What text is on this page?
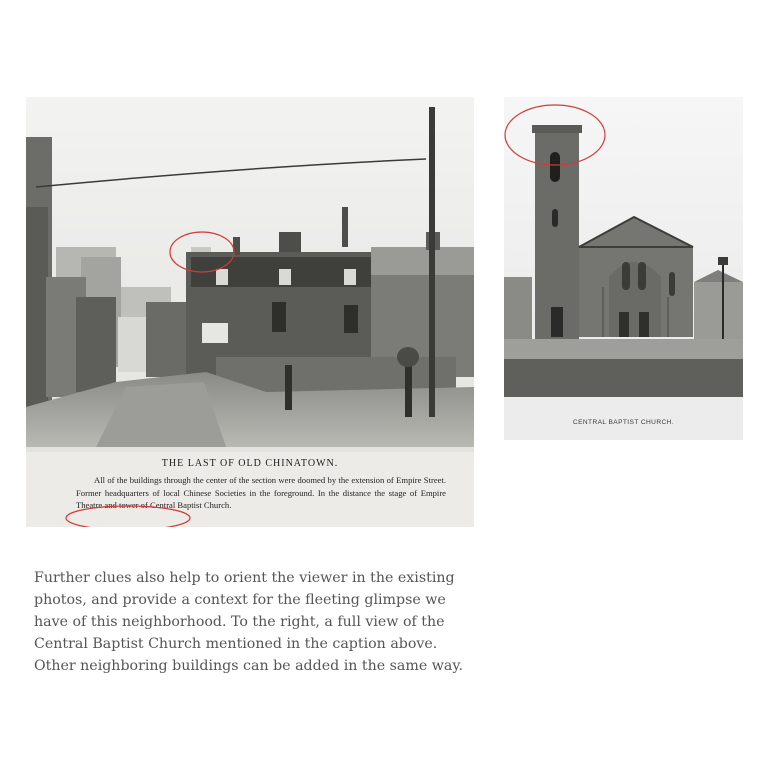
THE LAST OF OLD CHINATOWN.
All of the buildings through the center of the section were doomed by the extension of Empire Street. Former headquarters of local Chinese Societies in the foreground. In the distance the stage of Empire Theatre and tower of Central Baptist Church.
CENTRAL BAPTIST CHURCH.

Further clues also help to orient the viewer in the existing photos, and provide a context for the fleeting glimpse we have of this neighborhood. To the right, a full view of the Central Baptist Church mentioned in the caption above. Other neighboring buildings can be added in the same way.
